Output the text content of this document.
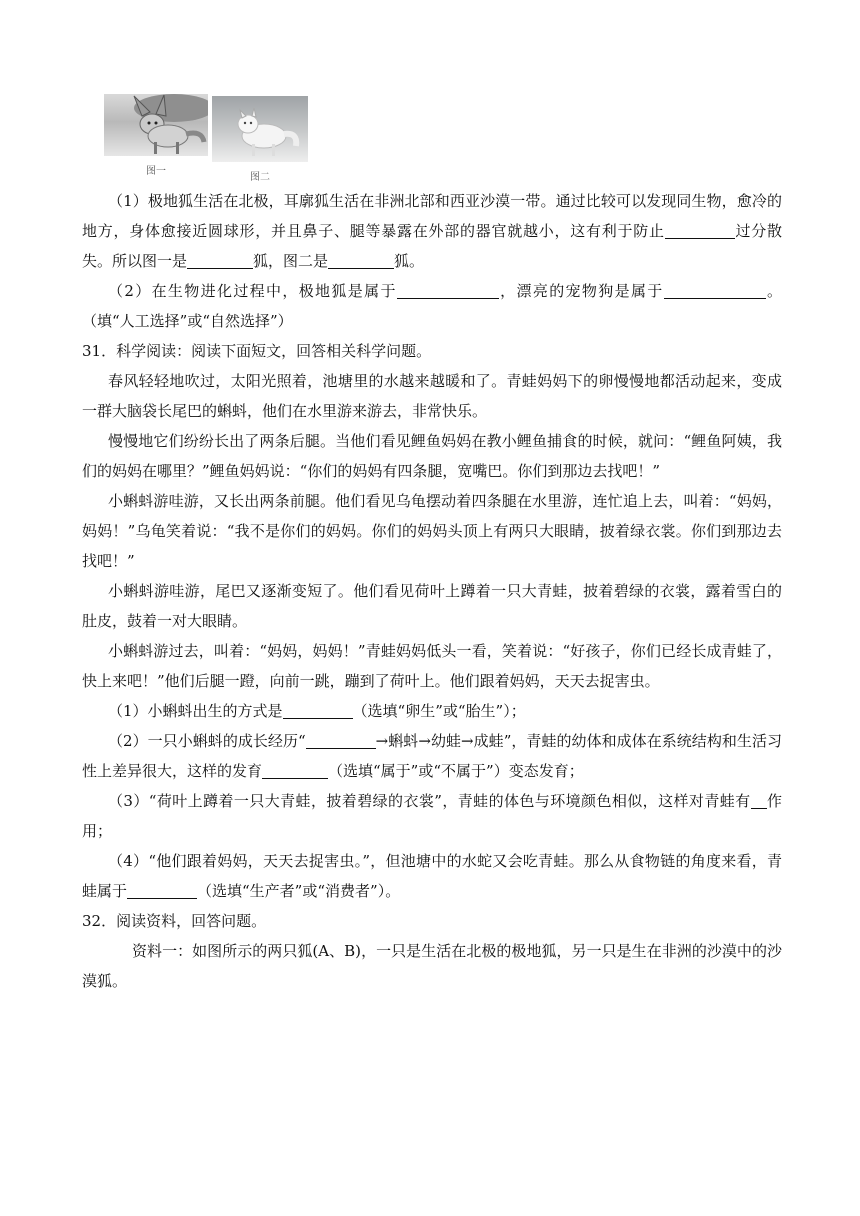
图一
图二

（1）极地狐生活在北极，耳廓狐生活在非洲北部和西亚沙漠一带。通过比较可以发现同生物，愈冷的地方，身体愈接近圆球形，并且鼻子、腿等暴露在外部的器官就越小，这有利于防止	过分散失。所以图一是	狐，图二是	狐。

（2）在生物进化过程中，极地狐是属于	，漂亮的宠物狗是属于	。（填“人工选择”或“自然选择”）

31．科学阅读：阅读下面短文，回答相关科学问题。

春风轻轻地吹过，太阳光照着，池塘里的水越来越暖和了。青蛙妈妈下的卵慢慢地都活动起来，变成一群大脑袋长尾巴的蝌蚪，他们在水里游来游去，非常快乐。

慢慢地它们纷纷长出了两条后腿。当他们看见鲤鱼妈妈在教小鲤鱼捕食的时候，就问：“鲤鱼阿姨，我们的妈妈在哪里？”鲤鱼妈妈说：“你们的妈妈有四条腿，宽嘴巴。你们到那边去找吧！”

小蝌蚪游哇游，又长出两条前腿。他们看见乌龟摆动着四条腿在水里游，连忙追上去，叫着：“妈妈，妈妈！”乌龟笑着说：“我不是你们的妈妈。你们的妈妈头顶上有两只大眼睛，披着绿衣裳。你们到那边去找吧！”

小蝌蚪游哇游，尾巴又逐渐变短了。他们看见荷叶上蹲着一只大青蛙，披着碧绿的衣裳，露着雪白的肚皮，鼓着一对大眼睛。

小蝌蚪游过去，叫着：“妈妈，妈妈！”青蛙妈妈低头一看，笑着说：“好孩子，你们已经长成青蛙了，快上来吧！”他们后腿一蹬，向前一跳，蹦到了荷叶上。他们跟着妈妈，天天去捉害虫。

（1）小蝌蚪出生的方式是	（选填“卵生”或“胎生”）；

（2）一只小蝌蚪的成长经历“	→蝌蚪→幼蛙→成蛙”，青蛙的幼体和成体在系统结构和生活习性上差异很大，这样的发育	（选填“属于”或“不属于”）变态发育；

（3）“荷叶上蹲着一只大青蛙，披着碧绿的衣裳”，青蛙的体色与环境颜色相似，这样对青蛙有 作用；

（4）“他们跟着妈妈，天天去捉害虫。”，但池塘中的水蛇又会吃青蛙。那么从食物链的角度来看，青蛙属于	（选填“生产者”或“消费者”）。

32．阅读资料，回答问题。

资料一：如图所示的两只狐(A、B)，一只是生活在北极的极地狐，另一只是生在非洲的沙漠中的沙漠狐。
